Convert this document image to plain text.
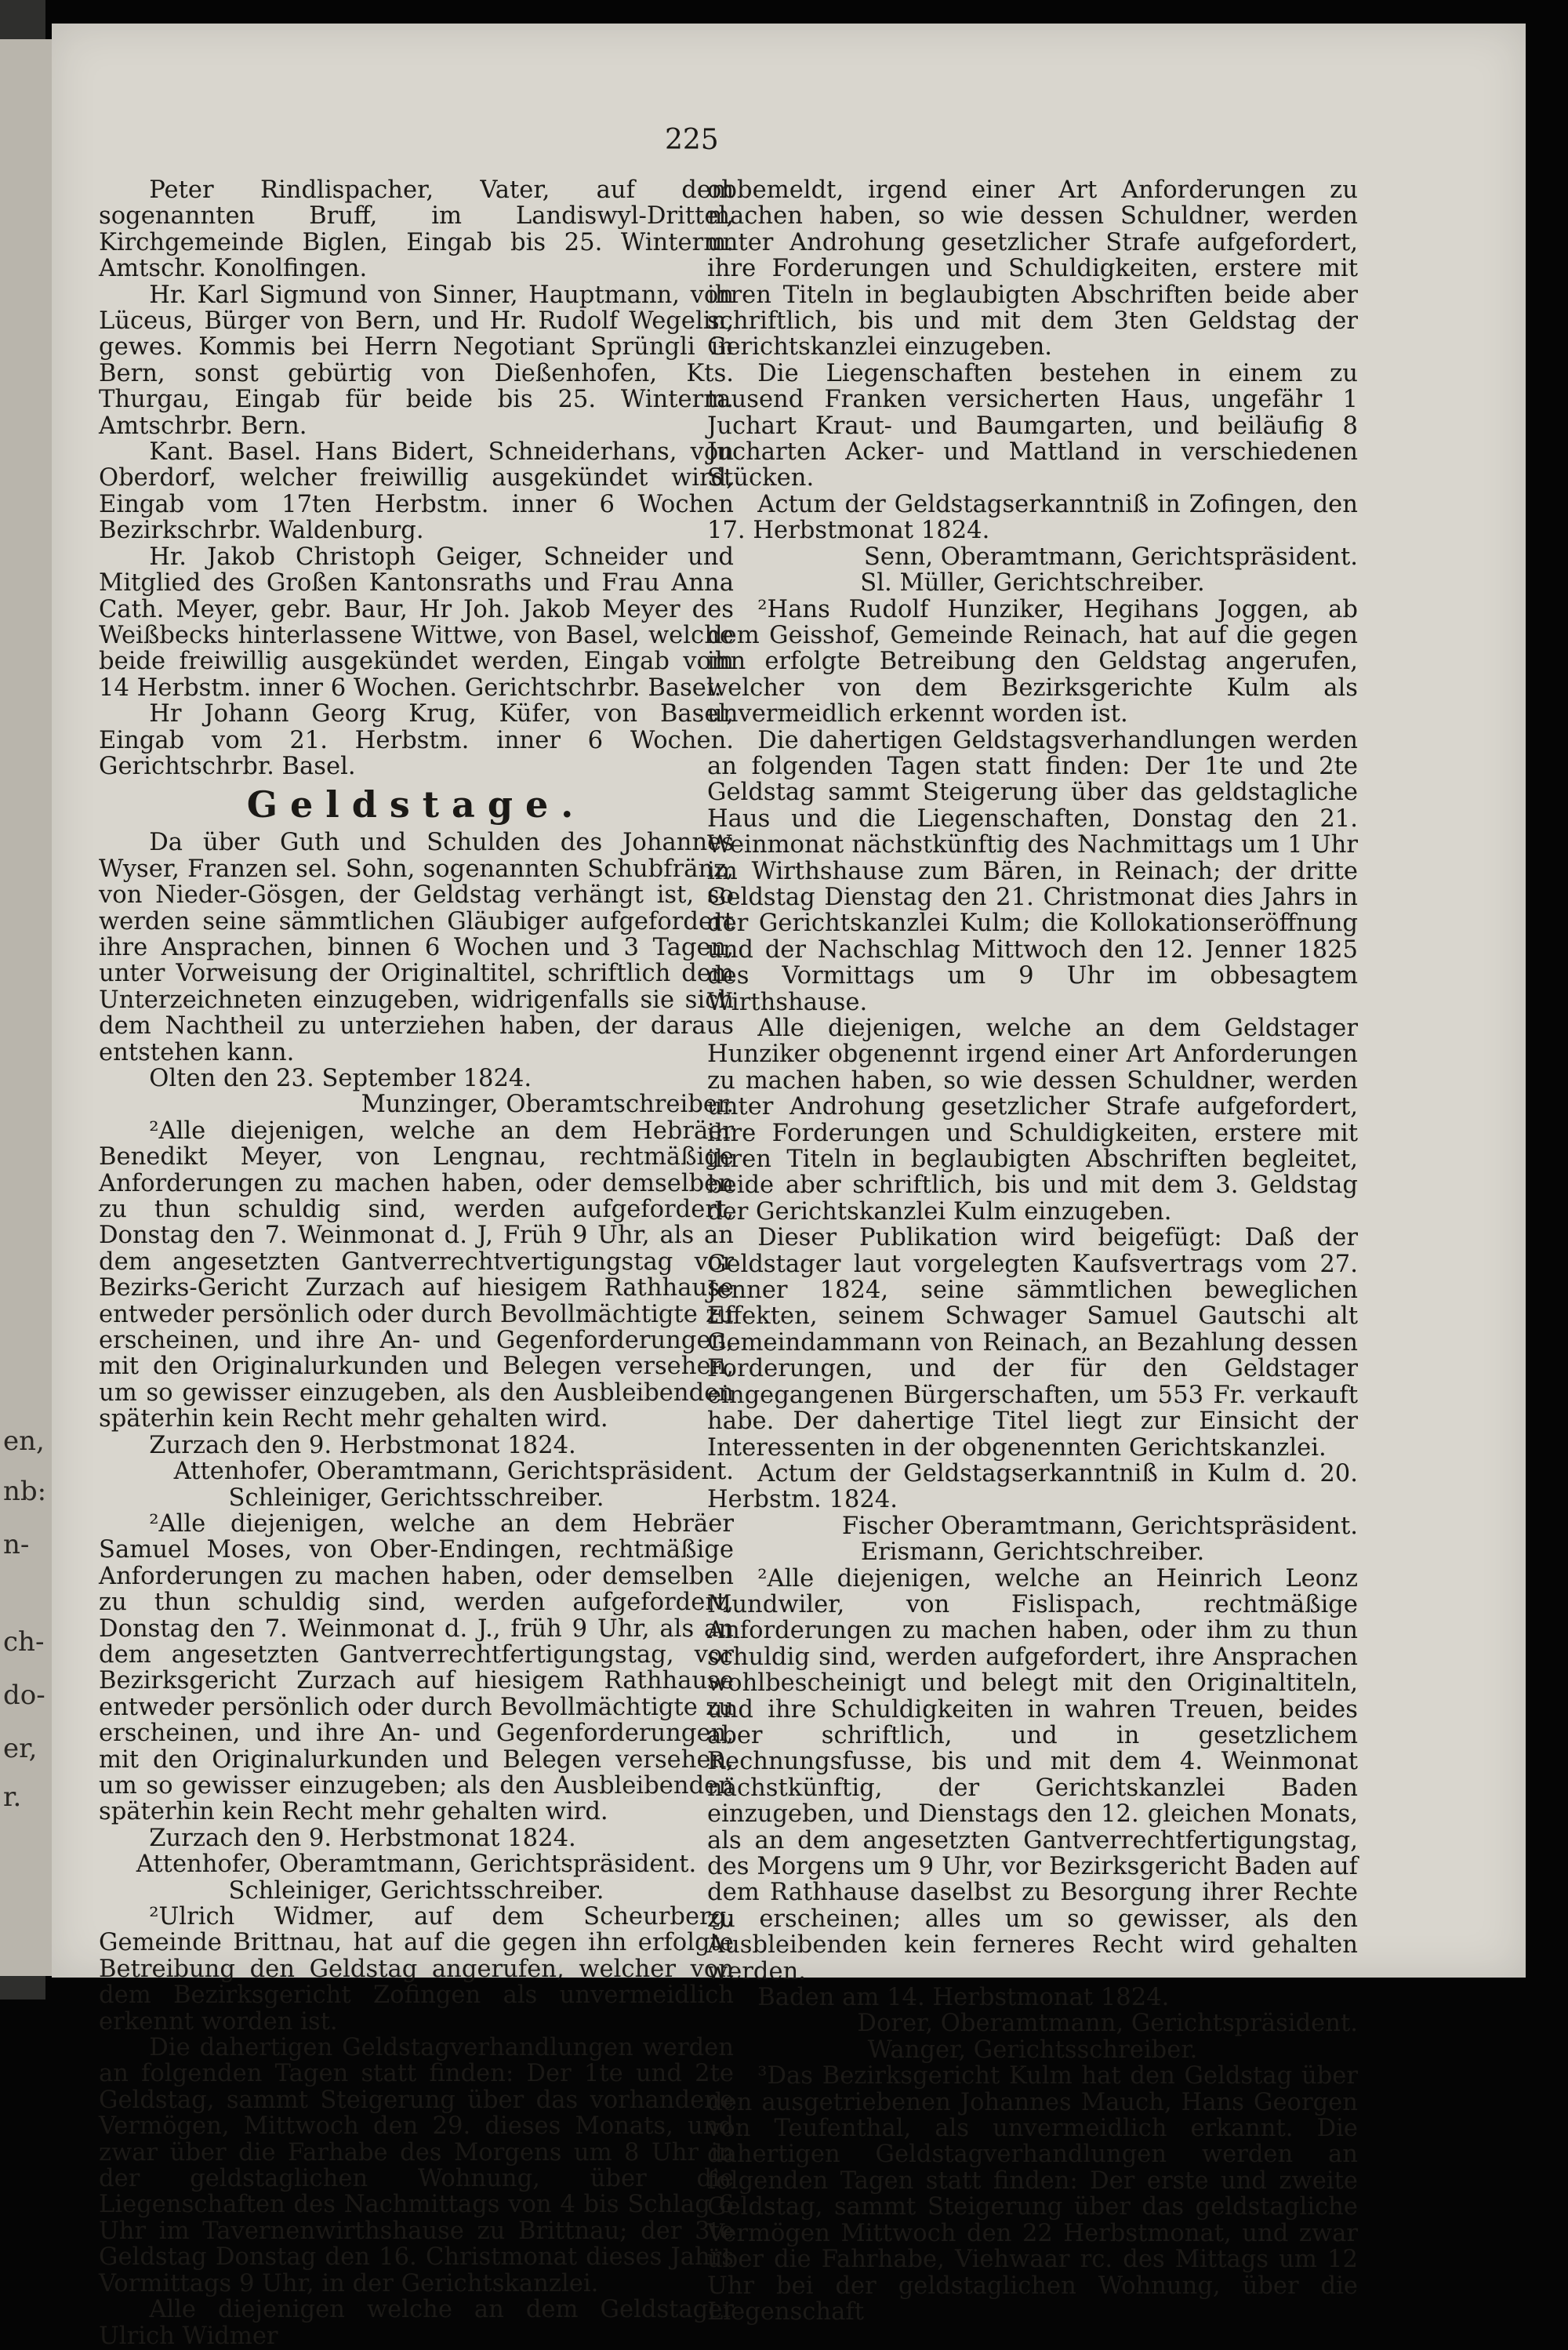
en,
nb:
n-
ch-
do-
er,
r.
225

Peter Rindlispacher, Vater, auf dem sogenannten Bruff, im Landiswyl-Drittel, Kirchgemeinde Biglen, Eingab bis 25. Winterm. Amtschr. Konolfingen.

Hr. Karl Sigmund von Sinner, Hauptmann, von Lüceus, Bürger von Bern, und Hr. Rudolf Wegelin, gewes. Kommis bei Herrn Negotiant Sprüngli in Bern, sonst gebürtig von Dießenhofen, Kts. Thurgau, Eingab für beide bis 25. Winterm. Amtschrbr. Bern.

Kant. Basel. Hans Bidert, Schneiderhans, von Oberdorf, welcher freiwillig ausgekündet wird, Eingab vom 17ten Herbstm. inner 6 Wochen Bezirkschrbr. Waldenburg.

Hr. Jakob Christoph Geiger, Schneider und Mitglied des Großen Kantonsraths und Frau Anna Cath. Meyer, gebr. Baur, Hr Joh. Jakob Meyer des Weißbecks hinterlassene Wittwe, von Basel, welche beide freiwillig ausgekündet werden, Eingab vom 14 Herbstm. inner 6 Wochen. Gerichtschrbr. Basel.

Hr Johann Georg Krug, Küfer, von Basel, Eingab vom 21. Herbstm. inner 6 Wochen. Gerichtschrbr. Basel.

Geldstage.

Da über Guth und Schulden des Johannes Wyser, Franzen sel. Sohn, sogenannten Schubfränz, von Nieder-Gösgen, der Geldstag verhängt ist, so werden seine sämmtlichen Gläubiger aufgefordert ihre Ansprachen, binnen 6 Wochen und 3 Tagen, unter Vorweisung der Originaltitel, schriftlich dem Unterzeichneten einzugeben, widrigenfalls sie sich dem Nachtheil zu unterziehen haben, der daraus entstehen kann.

Olten den 23. September 1824.

Munzinger, Oberamtschreiber.

²Alle diejenigen, welche an dem Hebräer Benedikt Meyer, von Lengnau, rechtmäßige Anforderungen zu machen haben, oder demselben zu thun schuldig sind, werden aufgefordert, Donstag den 7. Weinmonat d. J, Früh 9 Uhr, als an dem angesetzten Gantverrechtvertigungstag vor Bezirks-Gericht Zurzach auf hiesigem Rathhause entweder persönlich oder durch Bevollmächtigte zu erscheinen, und ihre An- und Gegenforderungen, mit den Originalurkunden und Belegen versehen, um so gewisser einzugeben, als den Ausbleibenden späterhin kein Recht mehr gehalten wird.

Zurzach den 9. Herbstmonat 1824.

Attenhofer, Oberamtmann, Gerichtspräsident.

Schleiniger, Gerichtsschreiber.

²Alle diejenigen, welche an dem Hebräer Samuel Moses, von Ober-Endingen, rechtmäßige Anforderungen zu machen haben, oder demselben zu thun schuldig sind, werden aufgefordert, Donstag den 7. Weinmonat d. J., früh 9 Uhr, als an dem angesetzten Gantverrechtfertigungstag, vor Bezirksgericht Zurzach auf hiesigem Rathhause entweder persönlich oder durch Bevollmächtigte zu erscheinen, und ihre An- und Gegenforderungen, mit den Originalurkunden und Belegen versehen, um so gewisser einzugeben; als den Ausbleibenden späterhin kein Recht mehr gehalten wird.

Zurzach den 9. Herbstmonat 1824.

Attenhofer, Oberamtmann, Gerichtspräsident.

Schleiniger, Gerichtsschreiber.

²Ulrich Widmer, auf dem Scheurberg, Gemeinde Brittnau, hat auf die gegen ihn erfolgte Betreibung den Geldstag angerufen, welcher von dem Bezirksgericht Zofingen als unvermeidlich erkennt worden ist.

Die dahertigen Geldstagverhandlungen werden an folgenden Tagen statt finden: Der 1te und 2te Geldstag, sammt Steigerung über das vorhandene Vermögen, Mittwoch den 29. dieses Monats, und zwar über die Farhabe des Morgens um 8 Uhr in der geldstaglichen Wohnung, über die Liegenschaften des Nachmittags von 4 bis Schlag 6 Uhr im Tavernenwirthshause zu Brittnau; der 3te Geldstag Donstag den 16. Christmonat dieses Jahrs Vormittags 9 Uhr, in der Gerichtskanzlei.

Alle diejenigen welche an dem Geldstager Ulrich Widmer

obbemeldt, irgend einer Art Anforderungen zu machen haben, so wie dessen Schuldner, werden unter Androhung gesetzlicher Strafe aufgefordert, ihre Forderungen und Schuldigkeiten, erstere mit ihren Titeln in beglaubigten Abschriften beide aber schriftlich, bis und mit dem 3ten Geldstag der Gerichtskanzlei einzugeben.

Die Liegenschaften bestehen in einem zu tausend Franken versicherten Haus, ungefähr 1 Juchart Kraut- und Baumgarten, und beiläufig 8 Jucharten Acker- und Mattland in verschiedenen Stücken.

Actum der Geldstagserkanntniß in Zofingen, den 17. Herbstmonat 1824.

Senn, Oberamtmann, Gerichtspräsident.

Sl. Müller, Gerichtschreiber.

²Hans Rudolf Hunziker, Hegihans Joggen, ab dem Geisshof, Gemeinde Reinach, hat auf die gegen ihn erfolgte Betreibung den Geldstag angerufen, welcher von dem Bezirksgerichte Kulm als unvermeidlich erkennt worden ist.

Die dahertigen Geldstagsverhandlungen werden an folgenden Tagen statt finden: Der 1te und 2te Geldstag sammt Steigerung über das geldstagliche Haus und die Liegenschaften, Donstag den 21. Weinmonat nächstkünftig des Nachmittags um 1 Uhr im Wirthshause zum Bären, in Reinach; der dritte Geldstag Dienstag den 21. Christmonat dies Jahrs in der Gerichtskanzlei Kulm; die Kollokationseröffnung und der Nachschlag Mittwoch den 12. Jenner 1825 des Vormittags um 9 Uhr im obbesagtem Wirthshause.

Alle diejenigen, welche an dem Geldstager Hunziker obgenennt irgend einer Art Anforderungen zu machen haben, so wie dessen Schuldner, werden unter Androhung gesetzlicher Strafe aufgefordert, ihre Forderungen und Schuldigkeiten, erstere mit ihren Titeln in beglaubigten Abschriften begleitet, beide aber schriftlich, bis und mit dem 3. Geldstag der Gerichtskanzlei Kulm einzugeben.

Dieser Publikation wird beigefügt: Daß der Geldstager laut vorgelegten Kaufsvertrags vom 27. Jenner 1824, seine sämmtlichen beweglichen Effekten, seinem Schwager Samuel Gautschi alt Gemeindammann von Reinach, an Bezahlung dessen Forderungen, und der für den Geldstager eingegangenen Bürgerschaften, um 553 Fr. verkauft habe. Der dahertige Titel liegt zur Einsicht der Interessenten in der obgenennten Gerichtskanzlei.

Actum der Geldstagserkanntniß in Kulm d. 20. Herbstm. 1824.

Fischer Oberamtmann, Gerichtspräsident.

Erismann, Gerichtschreiber.

²Alle diejenigen, welche an Heinrich Leonz Mundwiler, von Fislispach, rechtmäßige Anforderungen zu machen haben, oder ihm zu thun schuldig sind, werden aufgefordert, ihre Ansprachen wohlbescheinigt und belegt mit den Originaltiteln, und ihre Schuldigkeiten in wahren Treuen, beides aber schriftlich, und in gesetzlichem Rechnungsfusse, bis und mit dem 4. Weinmonat nächstkünftig, der Gerichtskanzlei Baden einzugeben, und Dienstags den 12. gleichen Monats, als an dem angesetzten Gantverrechtfertigungstag, des Morgens um 9 Uhr, vor Bezirksgericht Baden auf dem Rathhause daselbst zu Besorgung ihrer Rechte zu erscheinen; alles um so gewisser, als den Ausbleibenden kein ferneres Recht wird gehalten werden.

Baden am 14. Herbstmonat 1824.

Dorer, Oberamtmann, Gerichtspräsident.

Wanger, Gerichtsschreiber.

³Das Bezirksgericht Kulm hat den Geldstag über den ausgetriebenen Johannes Mauch, Hans Georgen von Teufenthal, als unvermeidlich erkannt. Die dahertigen Geldstagverhandlungen werden an folgenden Tagen statt finden: Der erste und zweite Geldstag, sammt Steigerung über das geldstagliche Vermögen Mittwoch den 22 Herbstmonat, und zwar über die Fahrhabe, Viehwaar rc. des Mittags um 12 Uhr bei der geldstaglichen Wohnung, über die Liegenschaft
